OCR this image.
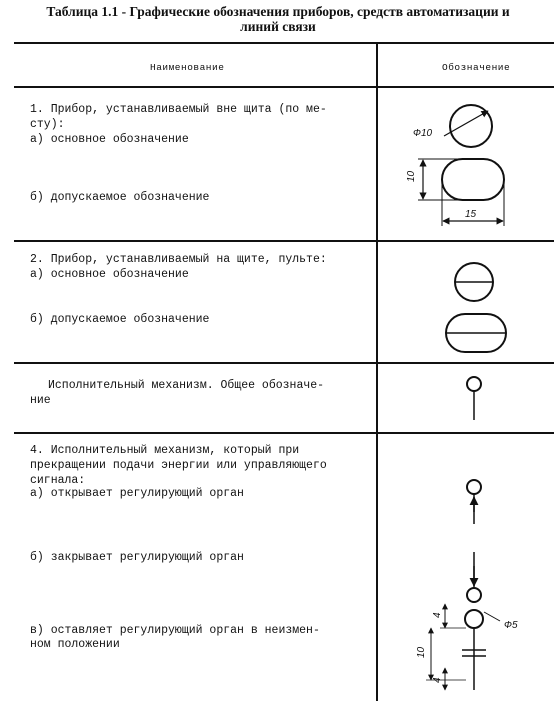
Таблица 1.1 - Графические обозначения приборов, средств автоматизации и
линий связи
Наименование	Обозначение
1. Прибор, устанавливаемый вне щита (по ме-
сту):
а) основное обозначение
б) допускаемое обозначение
2. Прибор, устанавливаемый на щите, пульте:
а) основное обозначение
б) допускаемое обозначение
Исполнительный механизм. Общее обозначе-
ние
4. Исполнительный механизм, который при
прекращении подачи энергии или управляющего
сигнала:
а) открывает регулирующий орган
б) закрывает регулирующий орган
в) оставляет регулирующий орган в неизмен-
ном положении
Ф10
10
15
Ф5
4
10
4
